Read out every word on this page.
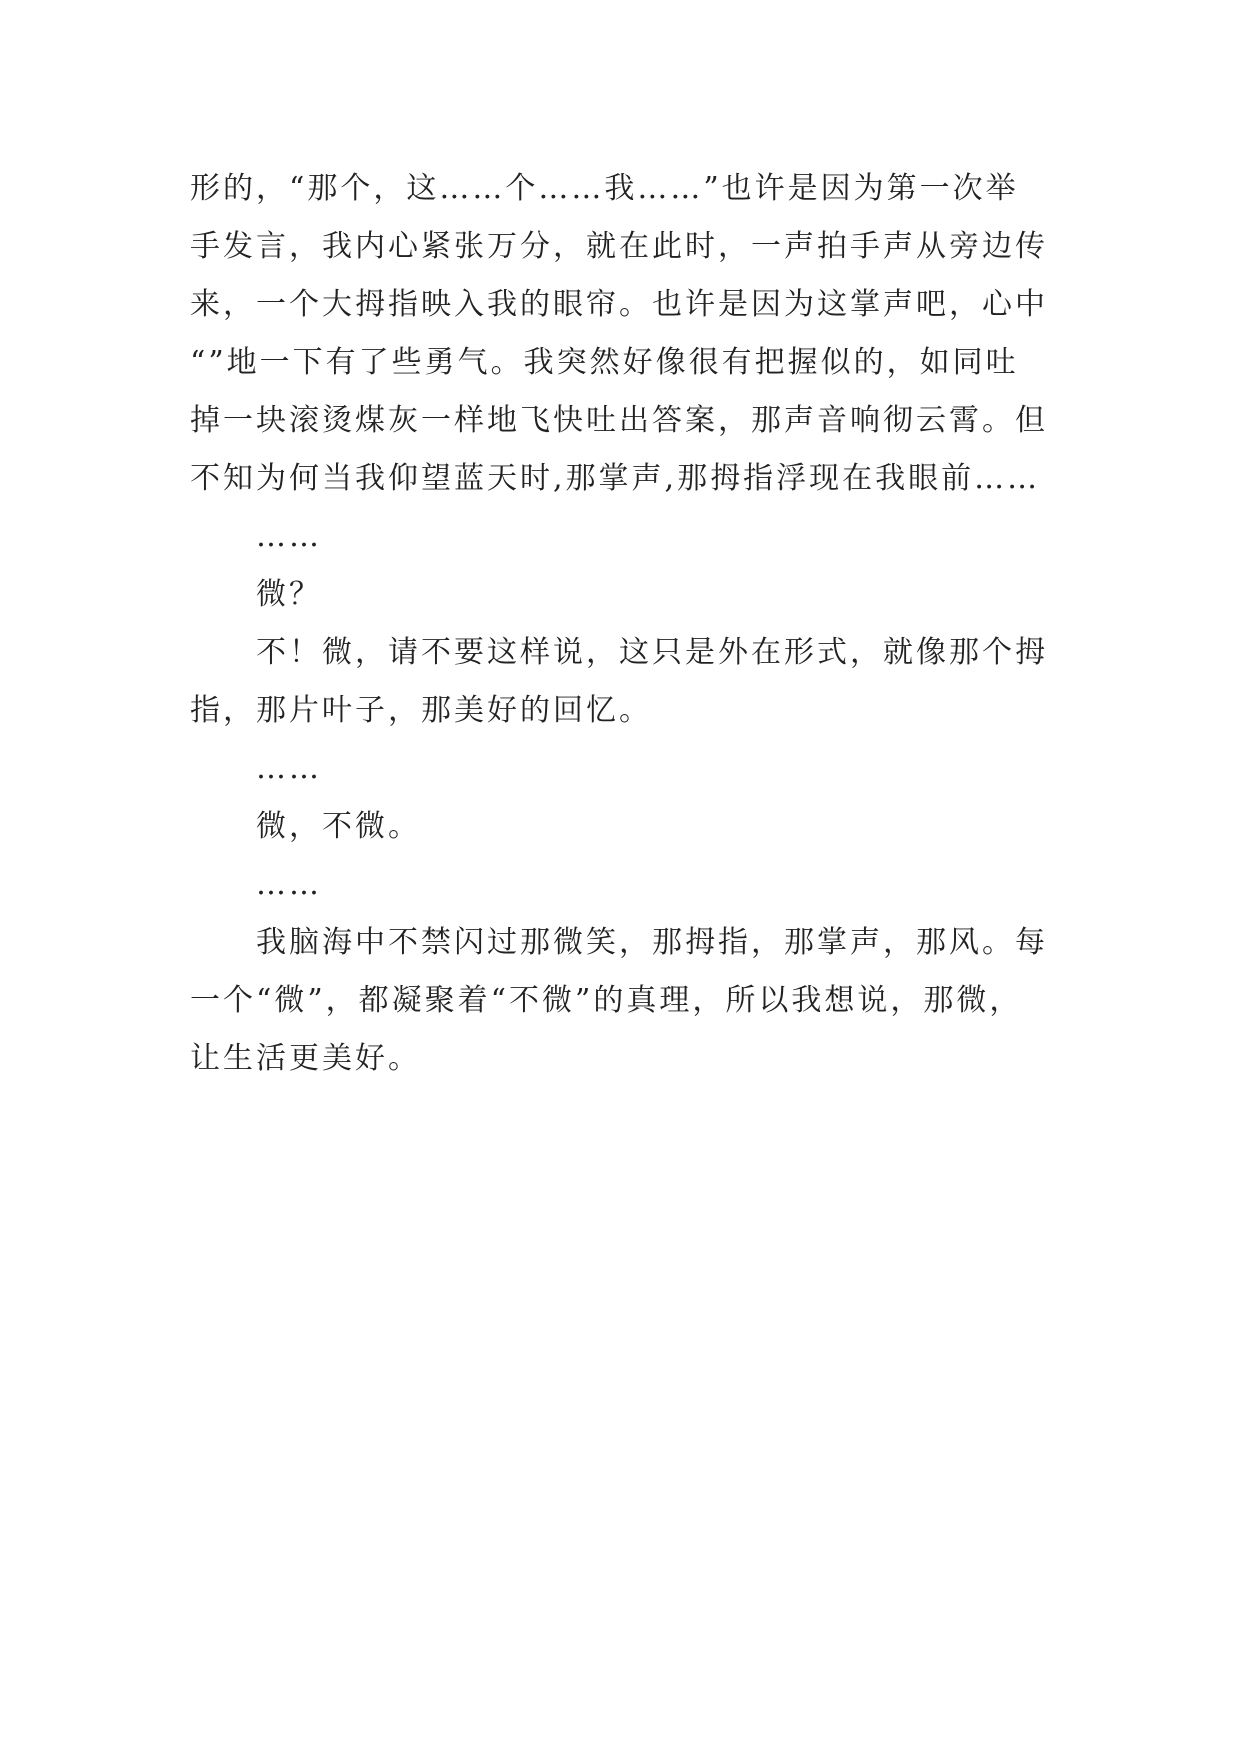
形的，“那个，这……个……我……”也许是因为第一次举
手发言，我内心紧张万分，就在此时，一声拍手声从旁边传
来，一个大拇指映入我的眼帘。也许是因为这掌声吧，心中
“”地一下有了些勇气。我突然好像很有把握似的，如同吐
掉一块滚烫煤灰一样地飞快吐出答案，那声音响彻云霄。但
不知为何当我仰望蓝天时,那掌声,那拇指浮现在我眼前……
……
微？
不！微，请不要这样说，这只是外在形式，就像那个拇
指，那片叶子，那美好的回忆。
……
微，不微。
……
我脑海中不禁闪过那微笑，那拇指，那掌声，那风。每
一个“微”，都凝聚着“不微”的真理，所以我想说，那微，
让生活更美好。
